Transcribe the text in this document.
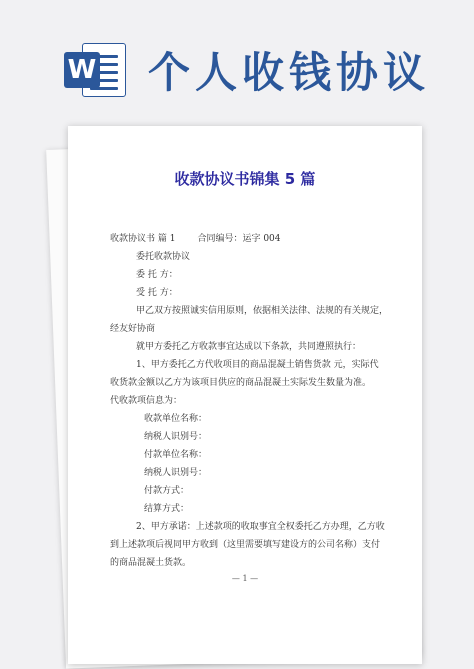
W 个人收钱协议
收款协议书锦集 5 篇

收款协议书 篇 1 合同编号：运字 004

委托收款协议

委 托 方：

受 托 方：

甲乙双方按照诚实信用原则，依据相关法律、法规的有关规定，

经友好协商

就甲方委托乙方收款事宜达成以下条款，共同遵照执行：

1、甲方委托乙方代收项目的商品混凝土销售货款 元，实际代

收货款金额以乙方为该项目供应的商品混凝土实际发生数量为准。

代收款项信息为：

收款单位名称：

纳税人识别号：

付款单位名称：

纳税人识别号：

付款方式：

结算方式：

2、甲方承诺：上述款项的收取事宜全权委托乙方办理，乙方收

到上述款项后视同甲方收到（这里需要填写建设方的公司名称）支付

的商品混凝土货款。

— 1 —
